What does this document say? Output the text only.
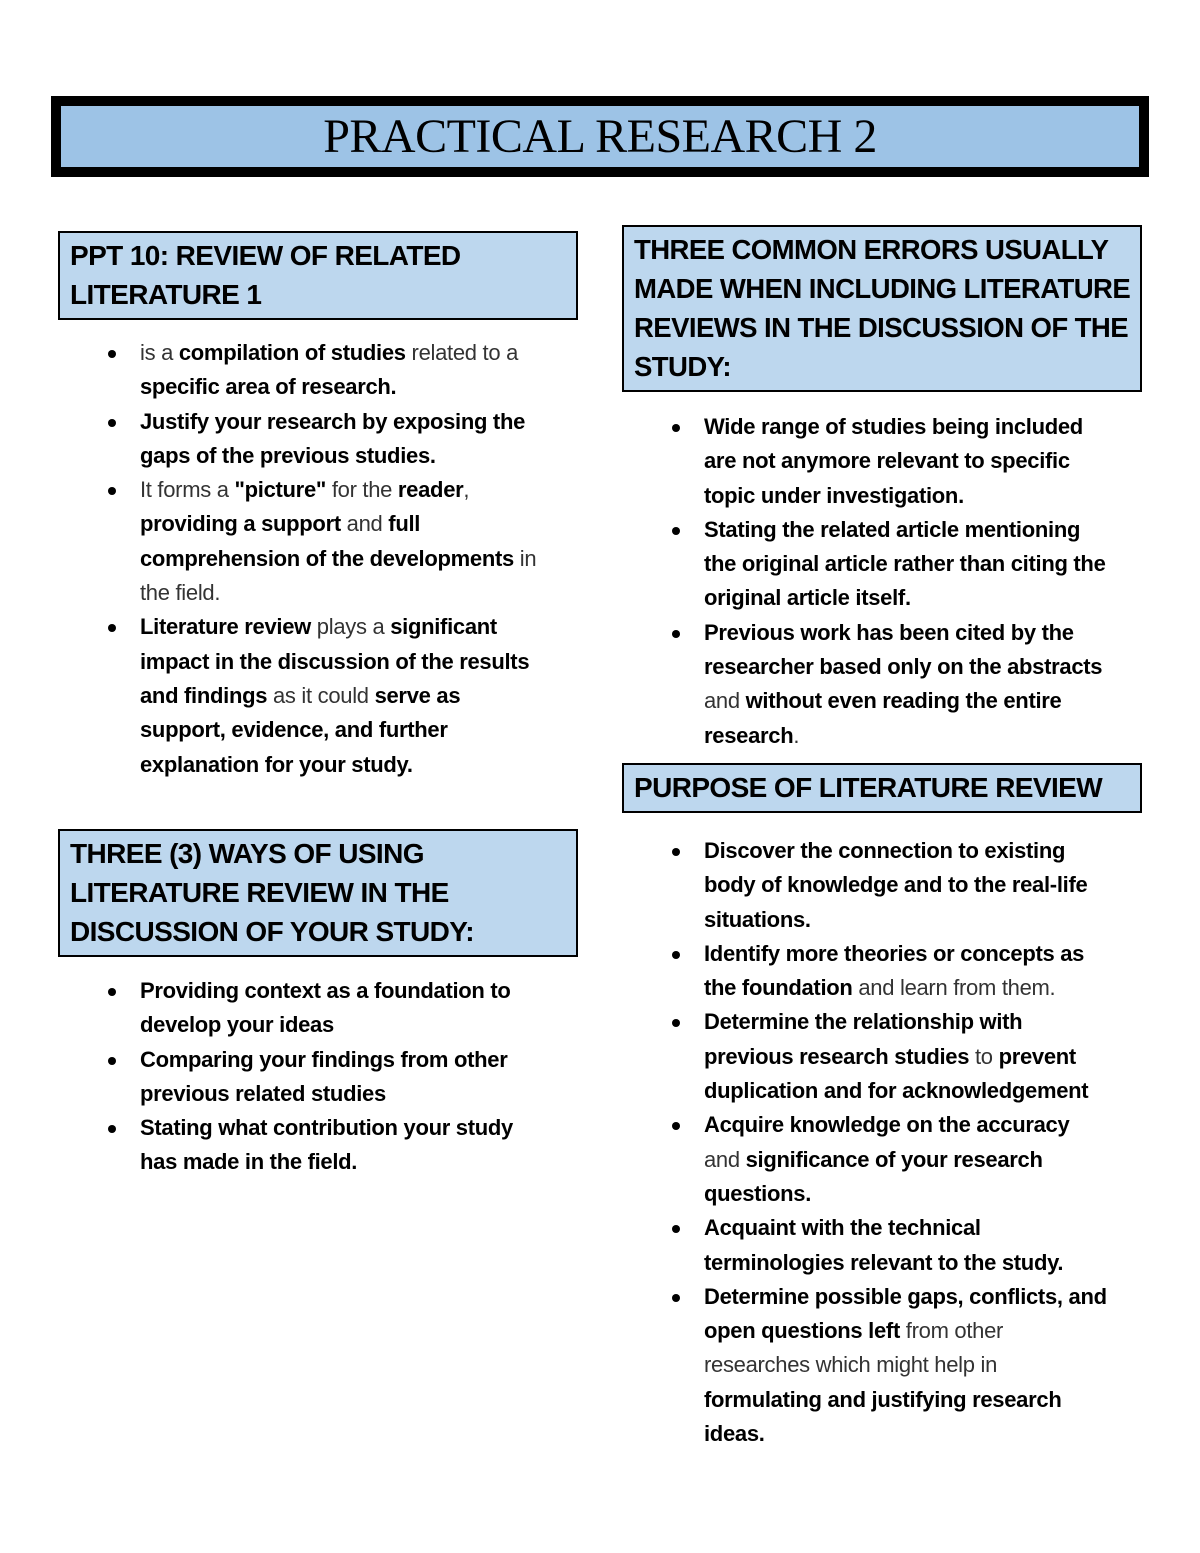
PRACTICAL RESEARCH 2
PPT 10: REVIEW OF RELATED
LITERATURE 1
is a compilation of studies related to a
specific area of research.
Justify your research by exposing the
gaps of the previous studies.
It forms a "picture" for the reader,
providing a support and full
comprehension of the developments in
the field.
Literature review plays a significant
impact in the discussion of the results
and findings as it could serve as
support, evidence, and further
explanation for your study.
THREE (3) WAYS OF USING
LITERATURE REVIEW IN THE
DISCUSSION OF YOUR STUDY:
Providing context as a foundation to
develop your ideas
Comparing your findings from other
previous related studies
Stating what contribution your study
has made in the field.
THREE COMMON ERRORS USUALLY
MADE WHEN INCLUDING LITERATURE
REVIEWS IN THE DISCUSSION OF THE
STUDY:
Wide range of studies being included
are not anymore relevant to specific
topic under investigation.
Stating the related article mentioning
the original article rather than citing the
original article itself.
Previous work has been cited by the
researcher based only on the abstracts
and without even reading the entire
research.
PURPOSE OF LITERATURE REVIEW
Discover the connection to existing
body of knowledge and to the real-life
situations.
Identify more theories or concepts as
the foundation and learn from them.
Determine the relationship with
previous research studies to prevent
duplication and for acknowledgement
Acquire knowledge on the accuracy
and significance of your research
questions.
Acquaint with the technical
terminologies relevant to the study.
Determine possible gaps, conflicts, and
open questions left from other
researches which might help in
formulating and justifying research
ideas.
